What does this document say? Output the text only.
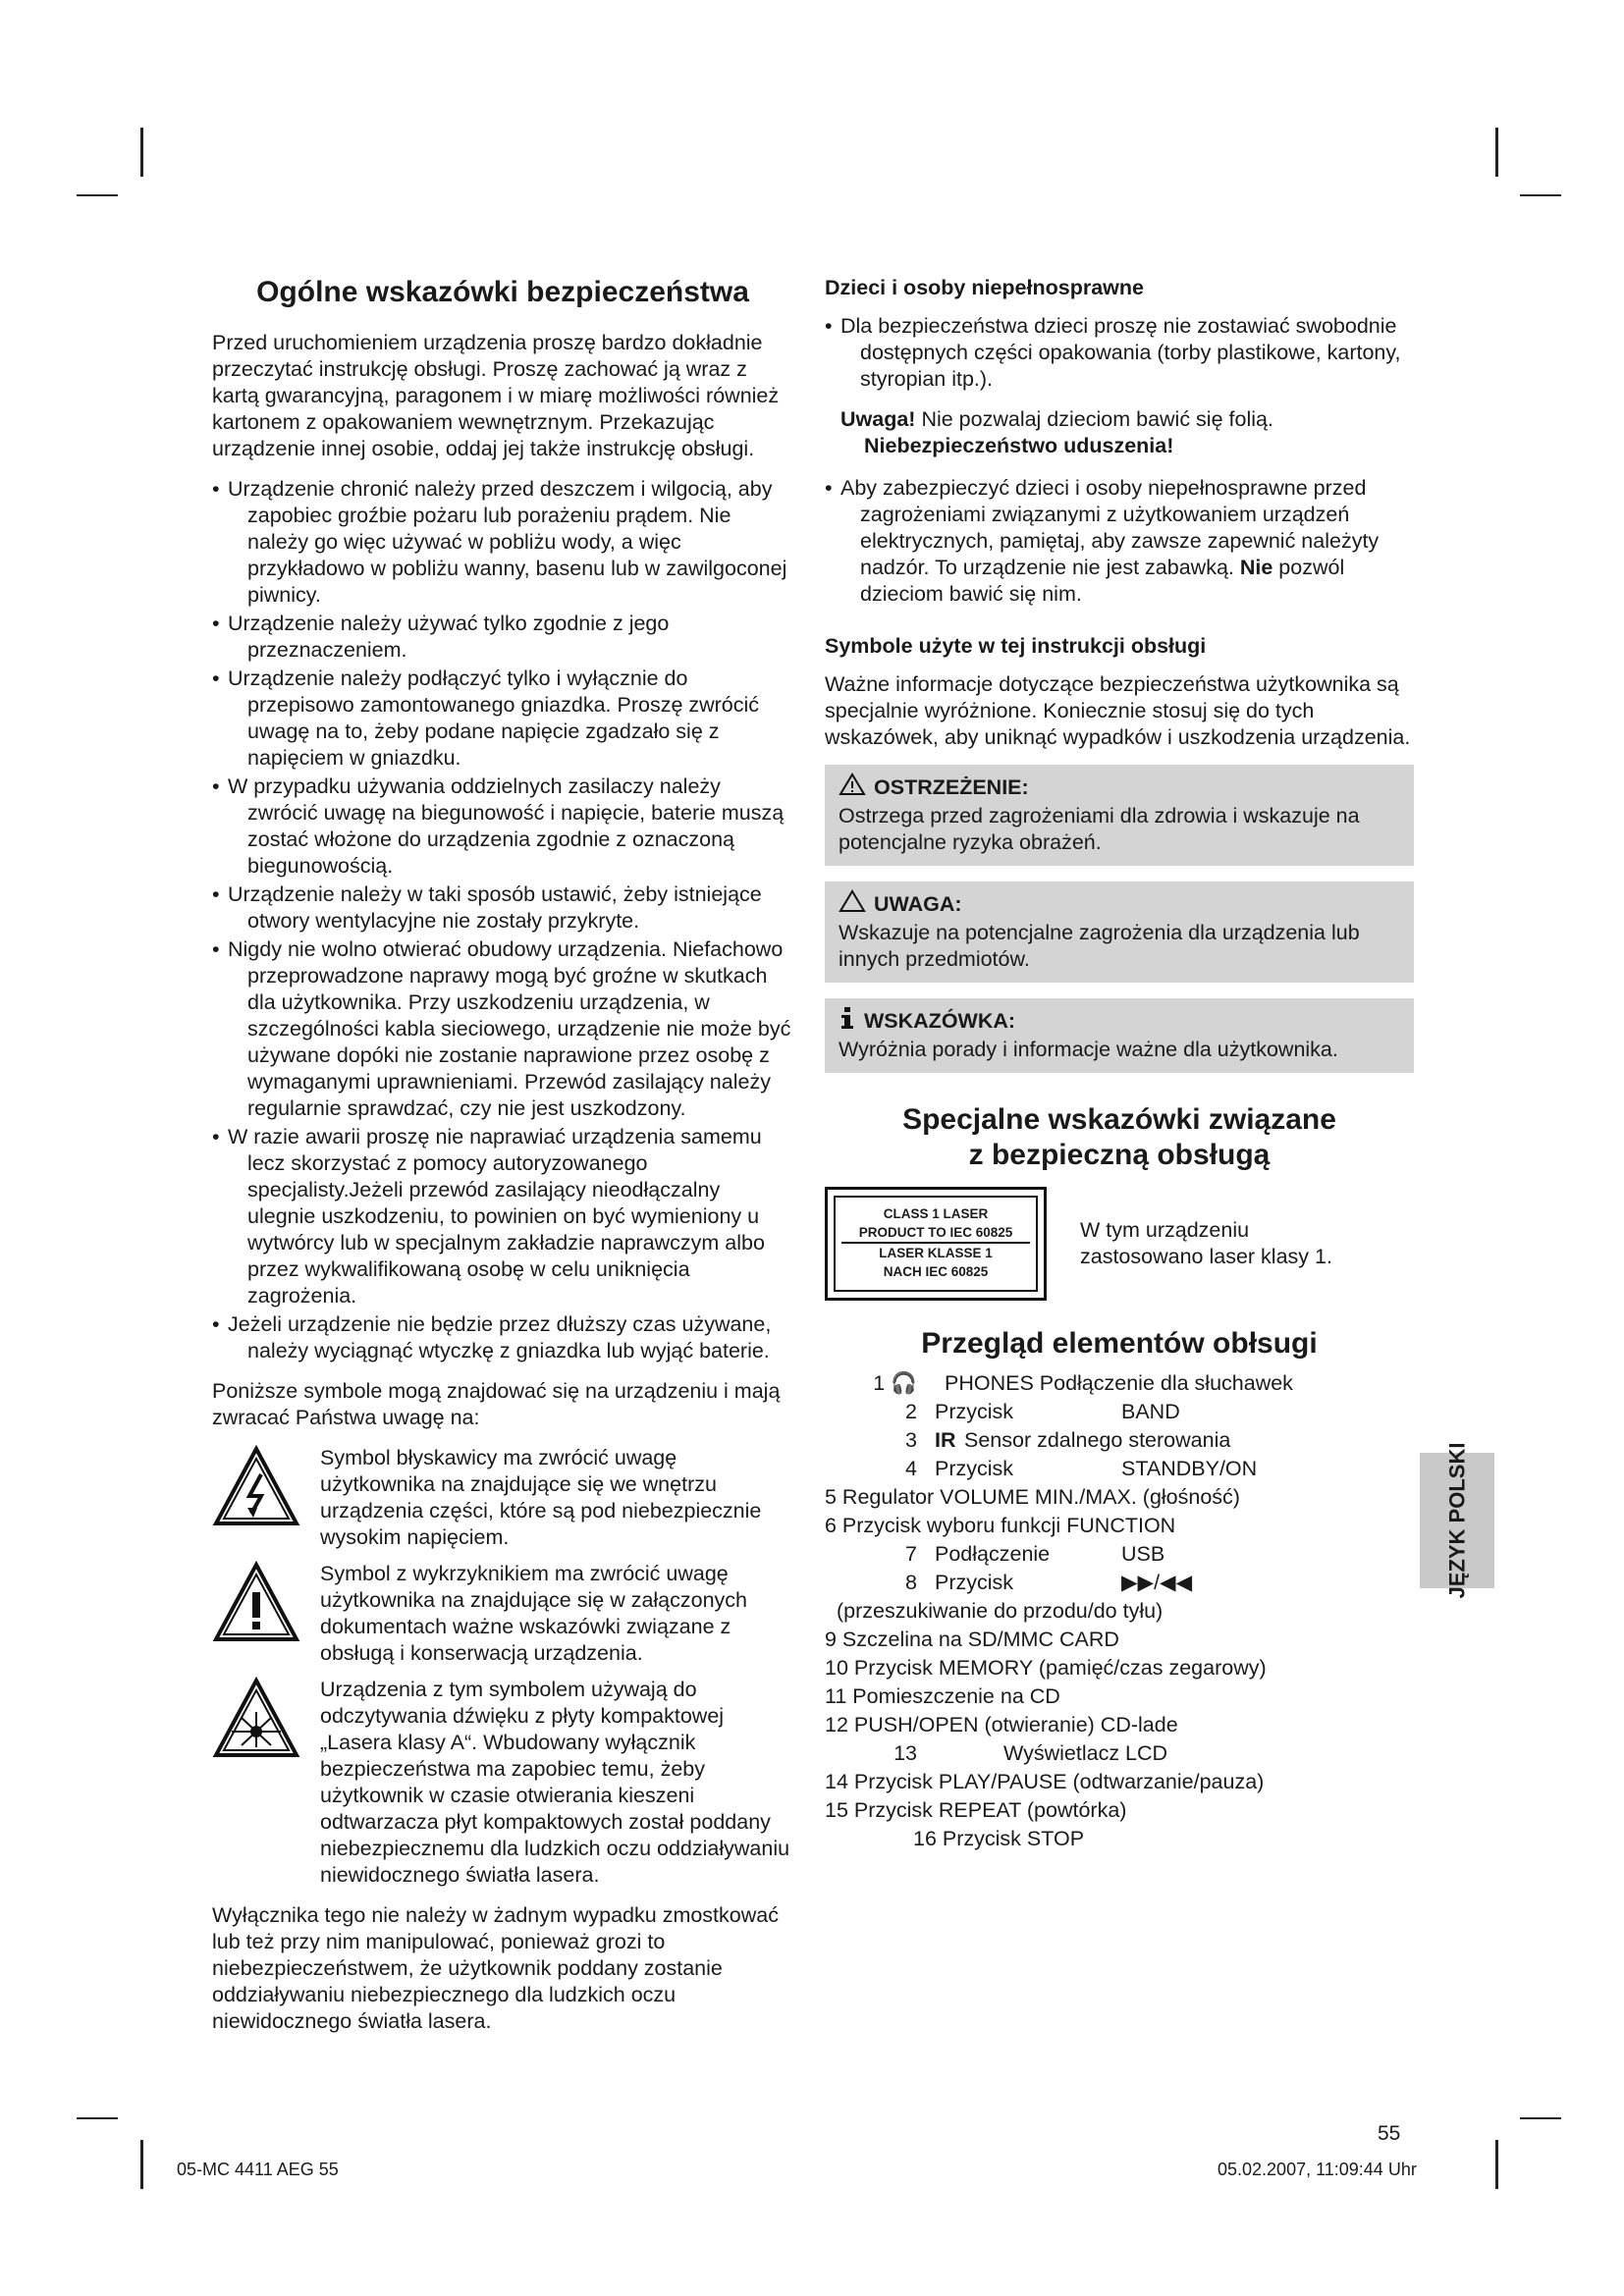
Ogólne wskazówki bezpieczeństwa

Przed uruchomieniem urządzenia proszę bardzo dokładnie przeczytać instrukcję obsługi. Proszę zachować ją wraz z kartą gwarancyjną, paragonem i w miarę możliwości również kartonem z opakowaniem wewnętrznym. Przekazując urządzenie innej osobie, oddaj jej także instrukcję obsługi.

• Urządzenie chronić należy przed deszczem i wilgocią, aby zapobiec groźbie pożaru lub porażeniu prądem. Nie należy go więc używać w pobliżu wody, a więc przykładowo w pobliżu wanny, basenu lub w zawilgoconej piwnicy.
• Urządzenie należy używać tylko zgodnie z jego przeznaczeniem.
• Urządzenie należy podłączyć tylko i wyłącznie do przepisowo zamontowanego gniazdka. Proszę zwrócić uwagę na to, żeby podane napięcie zgadzało się z napięciem w gniazdku.
• W przypadku używania oddzielnych zasilaczy należy zwrócić uwagę na biegunowość i napięcie, baterie muszą zostać włożone do urządzenia zgodnie z oznaczoną biegunowością.
• Urządzenie należy w taki sposób ustawić, żeby istniejące otwory wentylacyjne nie zostały przykryte.
• Nigdy nie wolno otwierać obudowy urządzenia. Niefachowo przeprowadzone naprawy mogą być groźne w skutkach dla użytkownika. Przy uszkodzeniu urządzenia, w szczególności kabla sieciowego, urządzenie nie może być używane dopóki nie zostanie naprawione przez osobę z wymaganymi uprawnieniami. Przewód zasilający należy regularnie sprawdzać, czy nie jest uszkodzony.
• W razie awarii proszę nie naprawiać urządzenia samemu lecz skorzystać z pomocy autoryzowanego specjalisty.Jeżeli przewód zasilający nieodłączalny ulegnie uszkodzeniu, to powinien on być wymieniony u wytwórcy lub w specjalnym zakładzie naprawczym albo przez wykwalifikowaną osobę w celu uniknięcia zagrożenia.
• Jeżeli urządzenie nie będzie przez dłuższy czas używane, należy wyciągnąć wtyczkę z gniazdka lub wyjąć baterie.

Poniższe symbole mogą znajdować się na urządzeniu i mają zwracać Państwa uwagę na:

Symbol błyskawicy ma zwrócić uwagę użytkownika na znajdujące się we wnętrzu urządzenia części, które są pod niebezpiecznie wysokim napięciem.
Symbol z wykrzyknikiem ma zwrócić uwagę użytkownika na znajdujące się w załączonych dokumentach ważne wskazówki związane z obsługą i konserwacją urządzenia.
Urządzenia z tym symbolem używają do odczytywania dźwięku z płyty kompaktowej „Lasera klasy A“. Wbudowany wyłącznik bezpieczeństwa ma zapobiec temu, żeby użytkownik w czasie otwierania kieszeni odtwarzacza płyt kompaktowych został poddany niebezpiecznemu dla ludzkich oczu oddziaływaniu niewidocznego światła lasera.

Wyłącznika tego nie należy w żadnym wypadku zmostkować lub też przy nim manipulować, ponieważ grozi to niebezpieczeństwem, że użytkownik poddany zostanie oddziaływaniu niebezpiecznego dla ludzkich oczu niewidocznego światła lasera.

Dzieci i osoby niepełnosprawne
• Dla bezpieczeństwa dzieci proszę nie zostawiać swobodnie dostępnych części opakowania (torby plastikowe, kartony, styropian itp.).
Uwaga! Nie pozwalaj dzieciom bawić się folią.
Niebezpieczeństwo uduszenia!
• Aby zabezpieczyć dzieci i osoby niepełnosprawne przed zagrożeniami związanymi z użytkowaniem urządzeń elektrycznych, pamiętaj, aby zawsze zapewnić należyty nadzór. To urządzenie nie jest zabawką. Nie pozwól dzieciom bawić się nim.
Symbole użyte w tej instrukcji obsługi

Ważne informacje dotyczące bezpieczeństwa użytkownika są specjalnie wyróżnione. Koniecznie stosuj się do tych wskazówek, aby uniknąć wypadków i uszkodzenia urządzenia.

OSTRZEŻENIE:
Ostrzega przed zagrożeniami dla zdrowia i wskazuje na potencjalne ryzyka obrażeń.
UWAGA:
Wskazuje na potencjalne zagrożenia dla urządzenia lub innych przedmiotów.
WSKAZÓWKA:
Wyróżnia porady i informacje ważne dla użytkownika.
Specjalne wskazówki związane
z bezpieczną obsługą
CLASS 1 LASER
PRODUCT TO IEC 60825
LASER KLASSE 1
NACH IEC 60825
W tym urządzeniu zastosowano laser klasy 1.
Przegląd elementów obłsugi
1 🎧	PHONES Podłączenie dla słuchawek
2 Przycisk	BAND
3 IR Sensor zdalnego sterowania
4 Przycisk	STANDBY/ON
5 Regulator VOLUME MIN./MAX. (głośność)
6 Przycisk wyboru funkcji FUNCTION
7 Podłączenie	USB
8 Przycisk	▶▶/◀◀
(przeszukiwanie do przodu/do tyłu)
9 Szczelina na SD/MMC CARD
10 Przycisk MEMORY (pamięć/czas zegarowy)
11 Pomieszczenie na CD
12 PUSH/OPEN (otwieranie) CD-lade
13	Wyświetlacz LCD
14 Przycisk PLAY/PAUSE (odtwarzanie/pauza)
15 Przycisk REPEAT (powtórka)
16 Przycisk STOP
JĘZYK POLSKI
55
05-MC 4411 AEG 55	05.02.2007, 11:09:44 Uhr
